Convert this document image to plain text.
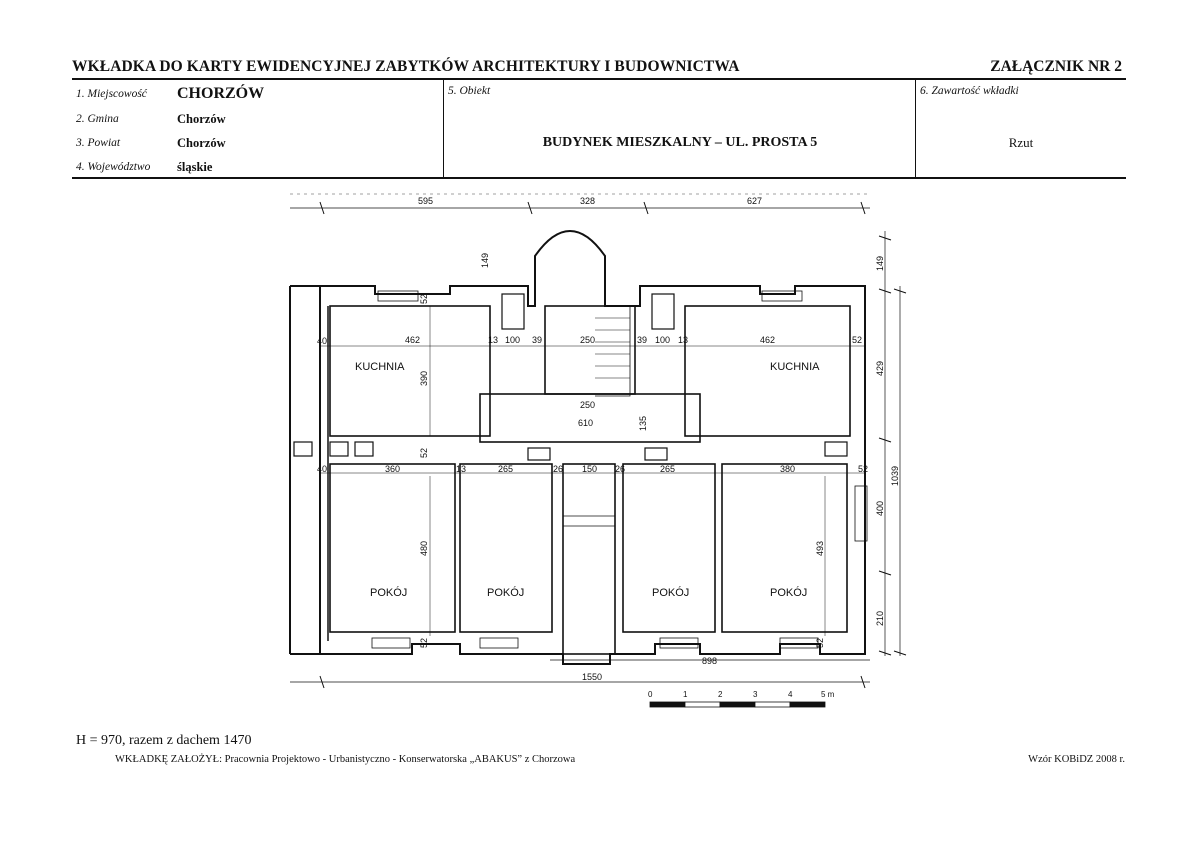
WKŁADKA DO KARTY EWIDENCYJNEJ ZABYTKÓW ARCHITEKTURY I BUDOWNICTWA	ZAŁĄCZNIK NR 2
1. Miejscowość CHORZÓW
2. Gmina	Chorzów
3. Powiat	Chorzów
4. Województwo śląskie
5. Obiekt
BUDYNEK MIESZKALNY – UL. PROSTA 5
6. Zawartość wkładki
Rzut
KUCHNIA	KUCHNIA
POKÓJ	POKÓJ	POKÓJ	POKÓJ
595	328	627
149	149
429
1039
400
210
52
40	462	13 100 39	250	39 100 13	462	52
390
250
610	135
52
40	360	13	265	26 150 26	265	380	52
480	493
52	52
898
1550
0	1	2	3	4	5 m
H = 970, razem z dachem 1470
WKŁADKĘ ZAŁOŻYŁ: Pracownia Projektowo - Urbanistyczno - Konserwatorska „ABAKUS” z Chorzowa	Wzór KOBiDZ 2008 r.
